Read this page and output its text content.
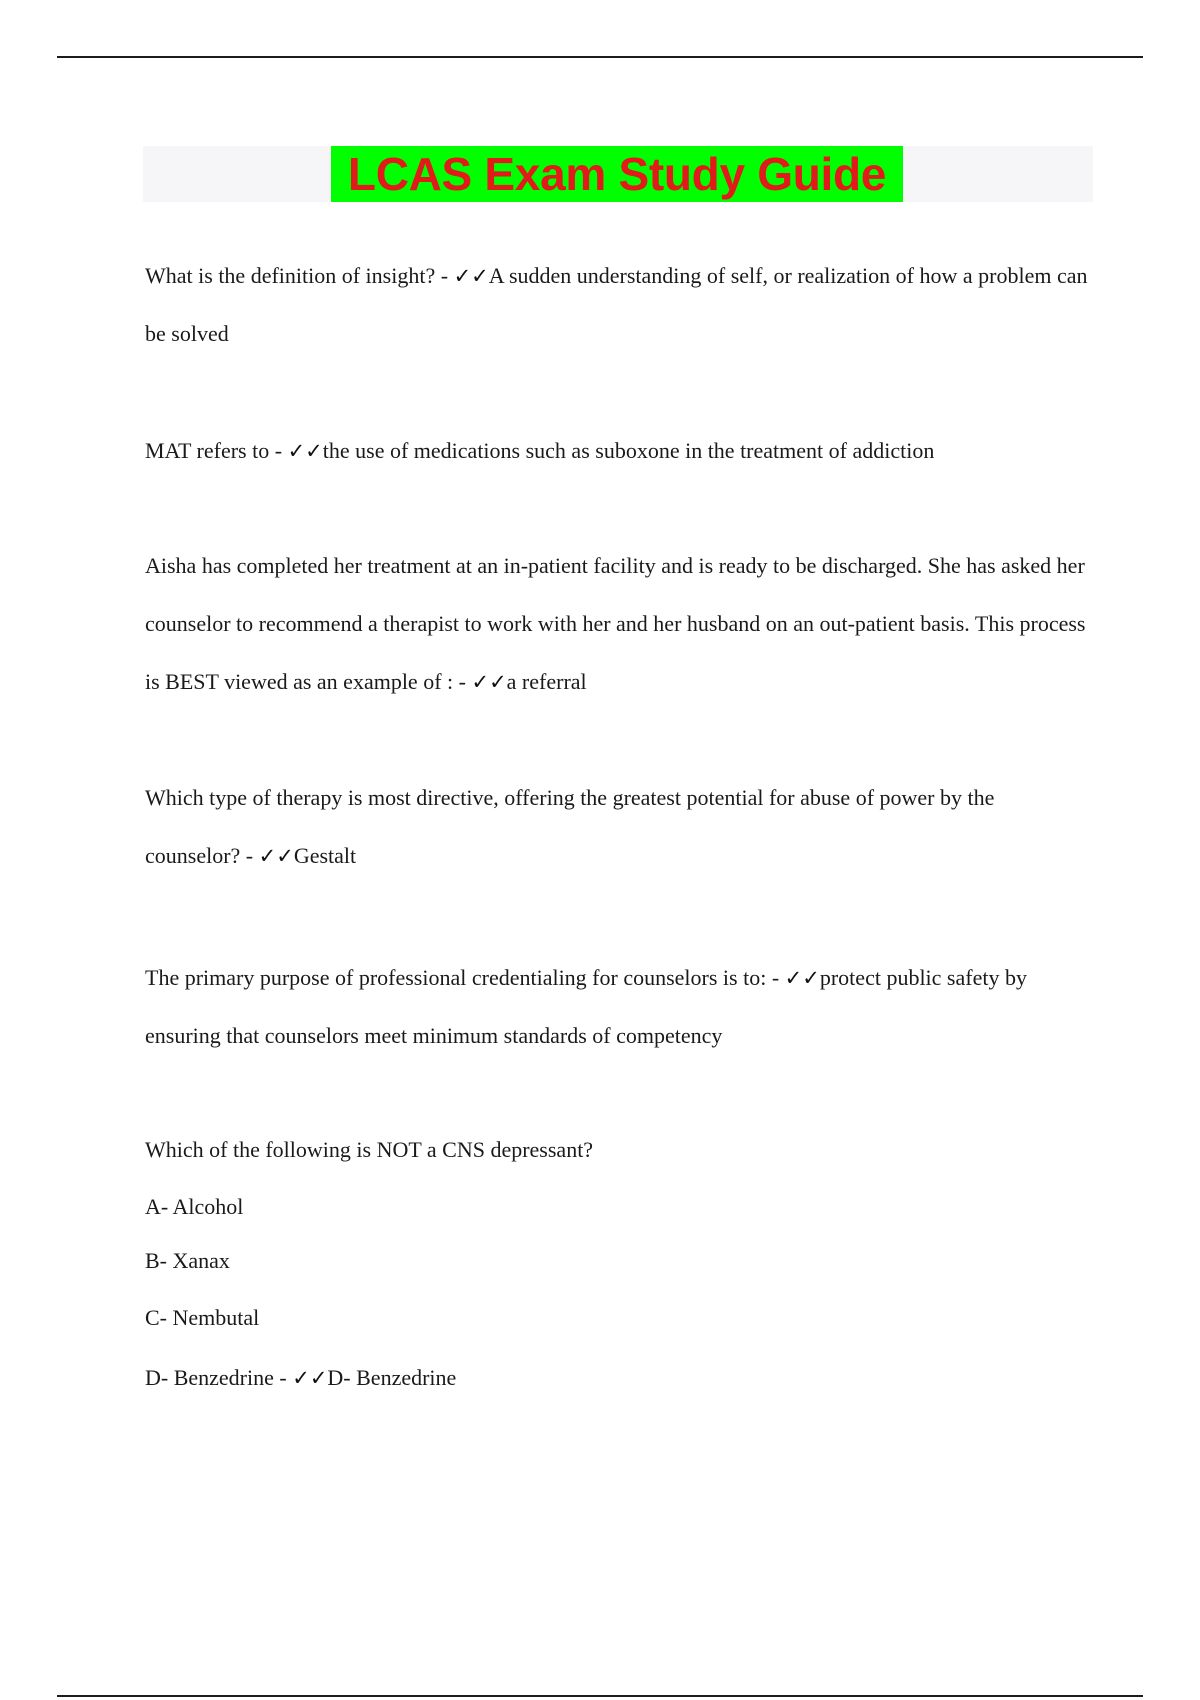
LCAS Exam Study Guide
What is the definition of insight? - ✓✓A sudden understanding of self, or realization of how a problem can be solved
MAT refers to - ✓✓the use of medications such as suboxone in the treatment of addiction
Aisha has completed her treatment at an in-patient facility and is ready to be discharged. She has asked her counselor to recommend a therapist to work with her and her husband on an out-patient basis. This process is BEST viewed as an example of : - ✓✓a referral
Which type of therapy is most directive, offering the greatest potential for abuse of power by the counselor? - ✓✓Gestalt
The primary purpose of professional credentialing for counselors is to: - ✓✓protect public safety by ensuring that counselors meet minimum standards of competency
Which of the following is NOT a CNS depressant?
A- Alcohol
B- Xanax
C- Nembutal
D- Benzedrine - ✓✓D- Benzedrine
